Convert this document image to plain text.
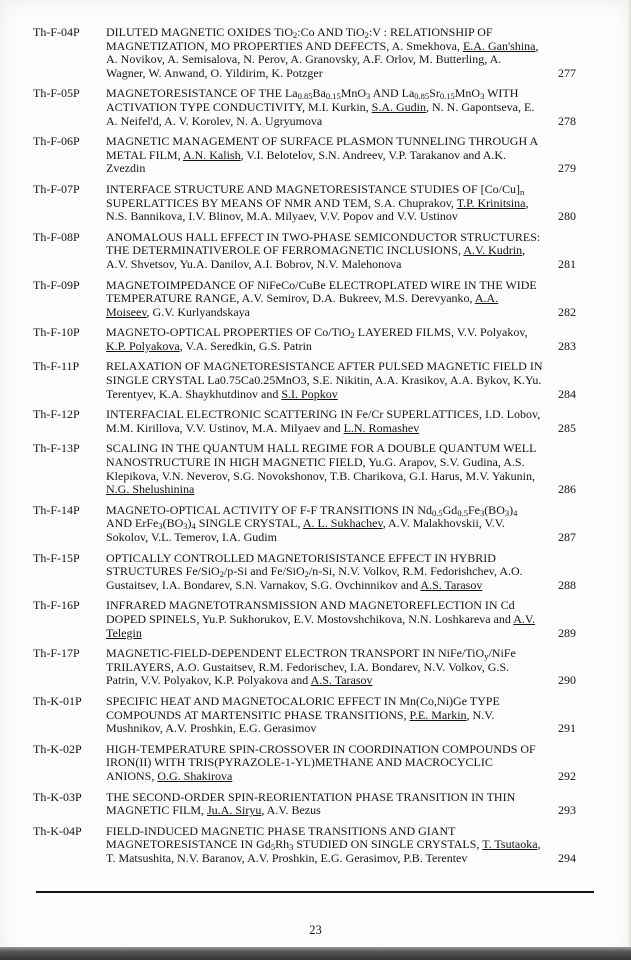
Th-F-04P	DILUTED MAGNETIC OXIDES TiO$_2$:Co AND TiO$_2$:V : RELATIONSHIP OF MAGNETIZATION, MO PROPERTIES AND DEFECTS, A. Smekhova, E.A. Gan'shina, A. Novikov, A. Semisalova, N. Perov, A. Granovsky, A.F. Orlov, M. Butterling, A. Wagner, W. Anwand, O. Yildirim, K. Potzger	277
Th-F-05P	MAGNETORESISTANCE OF THE $La_{0.85}Ba_{0.15}MnO_3$ AND $La_{0.85}Sr_{0.15}MnO_3$ WITH ACTIVATION TYPE CONDUCTIVITY, M.I. Kurkin, S.A. Gudin, N. N. Gapontseva, E. A. Neifel'd, A. V. Korolev, N. A. Ugryumova	278
Th-F-06P	MAGNETIC MANAGEMENT OF SURFACE PLASMON TUNNELING THROUGH A METAL FILM, A.N. Kalish, V.I. Belotelov, S.N. Andreev, V.P. Tarakanov and A.K. Zvezdin	279
Th-F-07P	INTERFACE STRUCTURE AND MAGNETORESISTANCE STUDIES OF $[Co/Cu]_n$ SUPERLATTICES BY MEANS OF NMR AND TEM, S.A. Chuprakov, T.P. Krinitsina, N.S. Bannikova, I.V. Blinov, M.A. Milyaev, V.V. Popov and V.V. Ustinov	280
Th-F-08P	ANOMALOUS HALL EFFECT IN TWO-PHASE SEMICONDUCTOR STRUCTURES: THE DETERMINATIVEROLE OF FERROMAGNETIC INCLUSIONS, A.V. Kudrin, A.V. Shvetsov, Yu.A. Danilov, A.I. Bobrov, N.V. Malehonova	281
Th-F-09P	MAGNETOIMPEDANCE OF NiFeCo/CuBe ELECTROPLATED WIRE IN THE WIDE TEMPERATURE RANGE, A.V. Semirov, D.A. Bukreev, M.S. Derevyanko, A.A. Moiseev, G.V. Kurlyandskaya	282
Th-F-10P	MAGNETO-OPTICAL PROPERTIES OF Co/TiO$_2$ LAYERED FILMS, V.V. Polyakov, K.P. Polyakova, V.A. Seredkin, G.S. Patrin	283
Th-F-11P	RELAXATION OF MAGNETORESISTANCE AFTER PULSED MAGNETIC FIELD IN SINGLE CRYSTAL La0.75Ca0.25MnO3, S.E. Nikitin, A.A. Krasikov, A.A. Bykov, K.Yu. Terentyev, K.A. Shaykhutdinov and S.I. Popkov	284
Th-F-12P	INTERFACIAL ELECTRONIC SCATTERING IN Fe/Cr SUPERLATTICES, I.D. Lobov, M.M. Kirillova, V.V. Ustinov, M.A. Milyaev and L.N. Romashev	285
Th-F-13P	SCALING IN THE QUANTUM HALL REGIME FOR A DOUBLE QUANTUM WELL NANOSTRUCTURE IN HIGH MAGNETIC FIELD, Yu.G. Arapov, S.V. Gudina, A.S. Klepikova, V.N. Neverov, S.G. Novokshonov, T.B. Charikova, G.I. Harus, M.V. Yakunin, N.G. Shelushinina	286
Th-F-14P	MAGNETO-OPTICAL ACTIVITY OF F-F TRANSITIONS IN $Nd_{0.5}Gd_{0.5}Fe_3(BO_3)_4$ AND $ErFe_3(BO_3)_4$ SINGLE CRYSTAL, A. L. Sukhachev, A.V. Malakhovskii, V.V. Sokolov, V.L. Temerov, I.A. Gudim	287
Th-F-15P	OPTICALLY CONTROLLED MAGNETORISISTANCE EFFECT IN HYBRID STRUCTURES Fe/SiO$_2$/p-Si and Fe/SiO$_2$/n-Si, N.V. Volkov, R.M. Fedorishchev, A.O. Gustaitsev, I.A. Bondarev, S.N. Varnakov, S.G. Ovchinnikov and A.S. Tarasov	288
Th-F-16P	INFRARED MAGNETOTRANSMISSION AND MAGNETOREFLECTION IN Cd DOPED SPINELS, Yu.P. Sukhorukov, E.V. Mostovshchikova, N.N. Loshkareva and A.V. Telegin	289
Th-F-17P	MAGNETIC-FIELD-DEPENDENT ELECTRON TRANSPORT IN NiFe/TiO$_y$/NiFe TRILAYERS, A.O. Gustaitsev, R.M. Fedorischev, I.A. Bondarev, N.V. Volkov, G.S. Patrin, V.V. Polyakov, K.P. Polyakova and A.S. Tarasov	290
Th-K-01P	SPECIFIC HEAT AND MAGNETOCALORIC EFFECT IN Mn(Co,Ni)Ge TYPE COMPOUNDS AT MARTENSITIC PHASE TRANSITIONS, P.E. Markin, N.V. Mushnikov, A.V. Proshkin, E.G. Gerasimov	291
Th-K-02P	HIGH-TEMPERATURE SPIN-CROSSOVER IN COORDINATION COMPOUNDS OF IRON(II) WITH TRIS(PYRAZOLE-1-YL)METHANE AND MACROCYCLIC ANIONS, O.G. Shakirova	292
Th-K-03P	THE SECOND-ORDER SPIN-REORIENTATION PHASE TRANSITION IN THIN MAGNETIC FILM, Ju.A. Siryu, A.V. Bezus	293
Th-K-04P	FIELD-INDUCED MAGNETIC PHASE TRANSITIONS AND GIANT MAGNETORESISTANCE IN $Gd_5Rh_3$ STUDIED ON SINGLE CRYSTALS, T. Tsutaoka, T. Matsushita, N.V. Baranov, A.V. Proshkin, E.G. Gerasimov, P.B. Terentev	294
23
